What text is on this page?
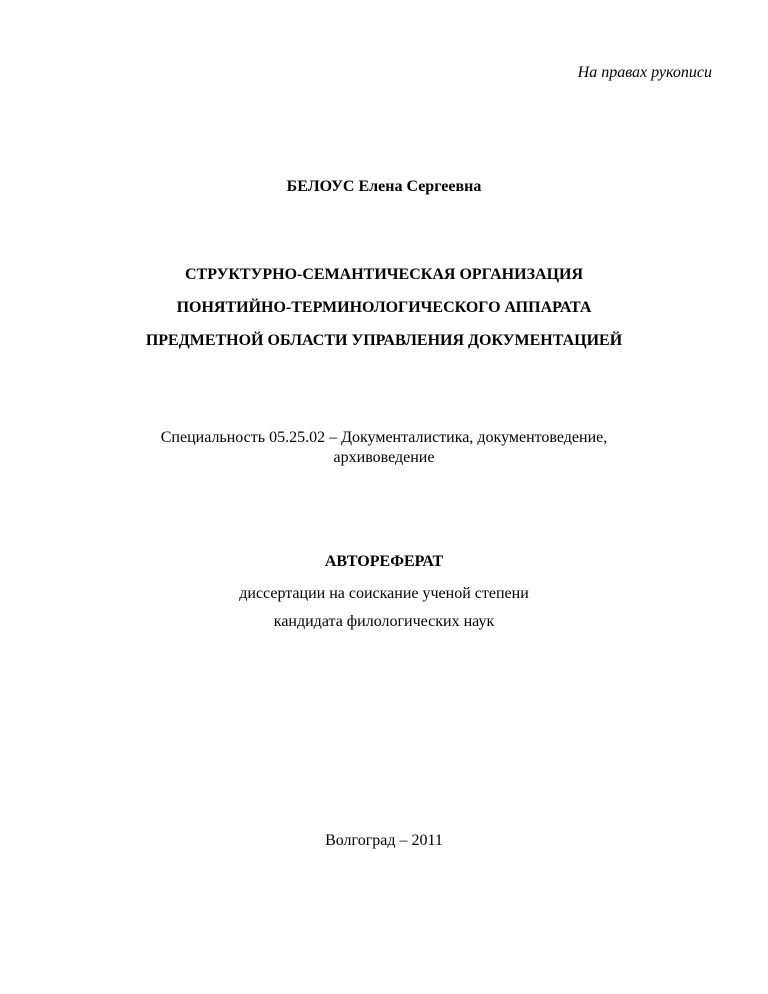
На правах рукописи
БЕЛОУС Елена Сергеевна
СТРУКТУРНО-СЕМАНТИЧЕСКАЯ ОРГАНИЗАЦИЯ
ПОНЯТИЙНО-ТЕРМИНОЛОГИЧЕСКОГО АППАРАТА
ПРЕДМЕТНОЙ ОБЛАСТИ УПРАВЛЕНИЯ ДОКУМЕНТАЦИЕЙ
Специальность 05.25.02 – Документалистика, документоведение,
архивоведение
АВТОРЕФЕРАТ
диссертации на соискание ученой степени
кандидата филологических наук
Волгоград – 2011
